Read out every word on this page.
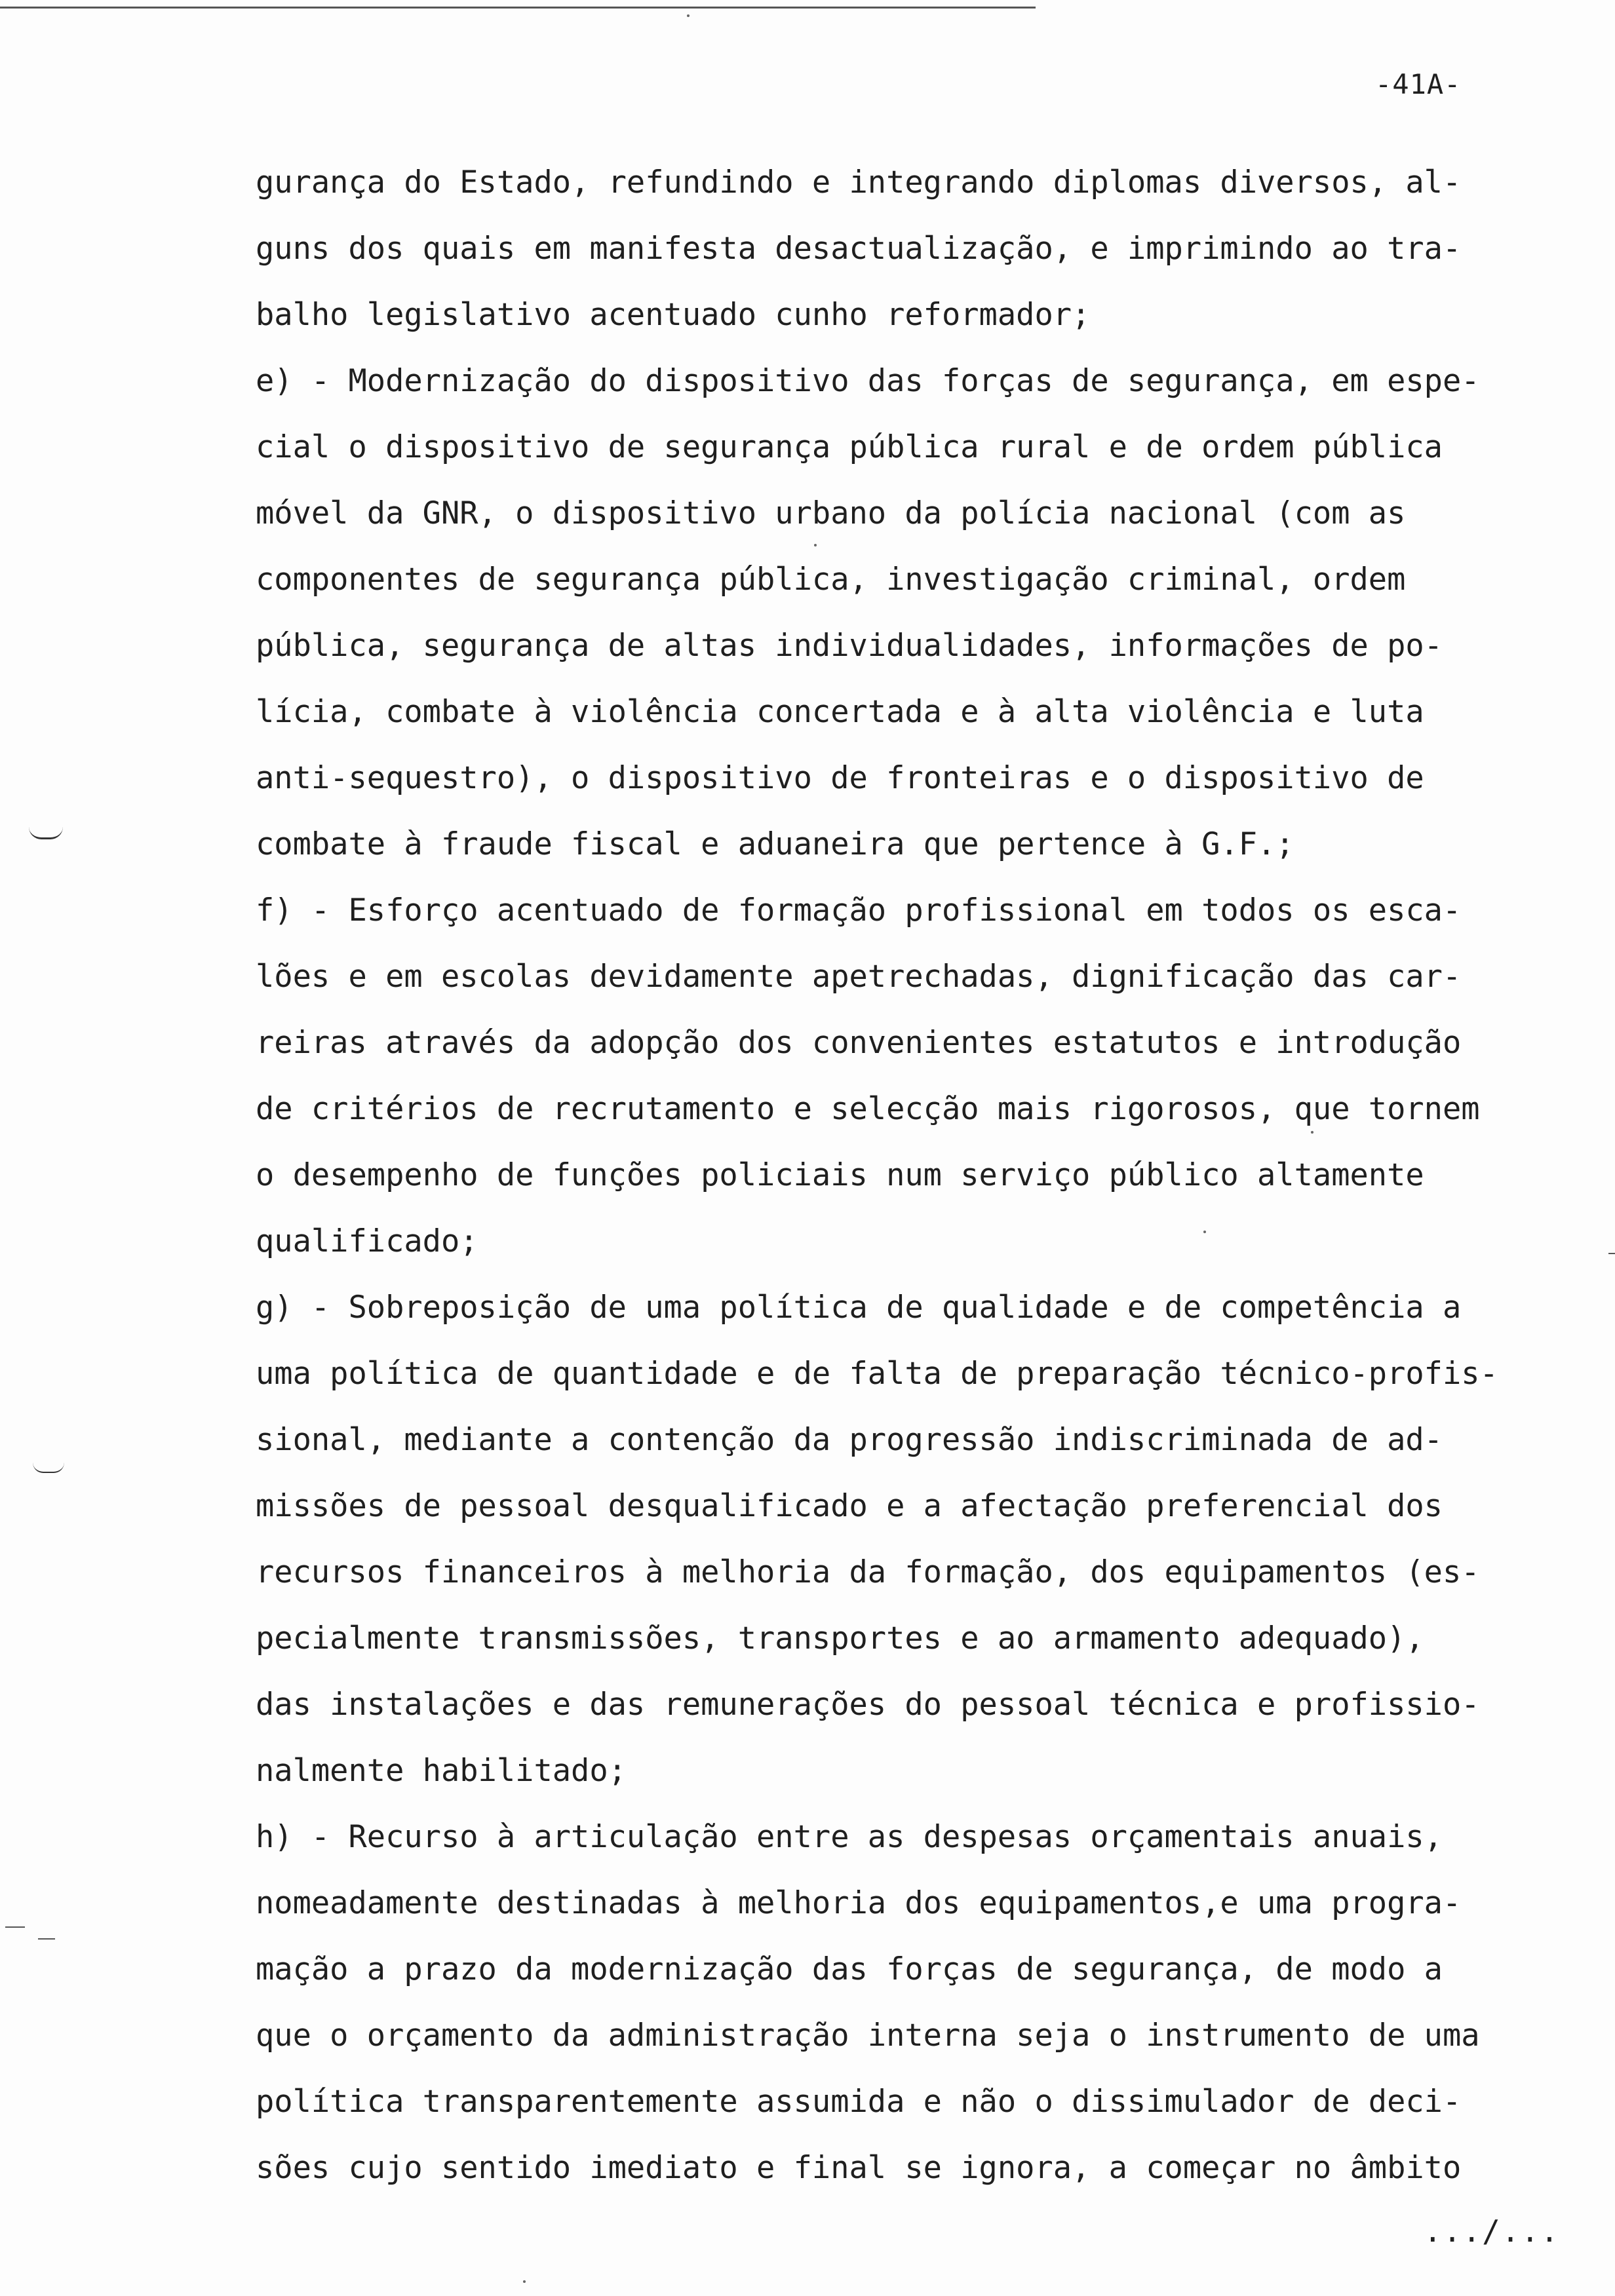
-41A-
gurança do Estado, refundindo e integrando diplomas diversos, al-
guns dos quais em manifesta desactualização, e imprimindo ao tra-
balho legislativo acentuado cunho reformador;
e) - Modernização do dispositivo das forças de segurança, em espe-
cial o dispositivo de segurança pública rural e de ordem pública
móvel da GNR, o dispositivo urbano da polícia nacional (com as
componentes de segurança pública, investigação criminal, ordem
pública, segurança de altas individualidades, informações de po-
lícia, combate à violência concertada e à alta violência e luta
anti-sequestro), o dispositivo de fronteiras e o dispositivo de
combate à fraude fiscal e aduaneira que pertence à G.F.;
f) - Esforço acentuado de formação profissional em todos os esca-
lões e em escolas devidamente apetrechadas, dignificação das car-
reiras através da adopção dos convenientes estatutos e introdução
de critérios de recrutamento e selecção mais rigorosos, que tornem
o desempenho de funções policiais num serviço público altamente
qualificado;
g) - Sobreposição de uma política de qualidade e de competência a
uma política de quantidade e de falta de preparação técnico-profis-
sional, mediante a contenção da progressão indiscriminada de ad-
missões de pessoal desqualificado e a afectação preferencial dos
recursos financeiros à melhoria da formação, dos equipamentos (es-
pecialmente transmissões, transportes e ao armamento adequado),
das instalações e das remunerações do pessoal técnica e profissio-
nalmente habilitado;
h) - Recurso à articulação entre as despesas orçamentais anuais,
nomeadamente destinadas à melhoria dos equipamentos,e uma progra-
mação a prazo da modernização das forças de segurança, de modo a
que o orçamento da administração interna seja o instrumento de uma
política transparentemente assumida e não o dissimulador de deci-
sões cujo sentido imediato e final se ignora, a começar no âmbito
.../...
